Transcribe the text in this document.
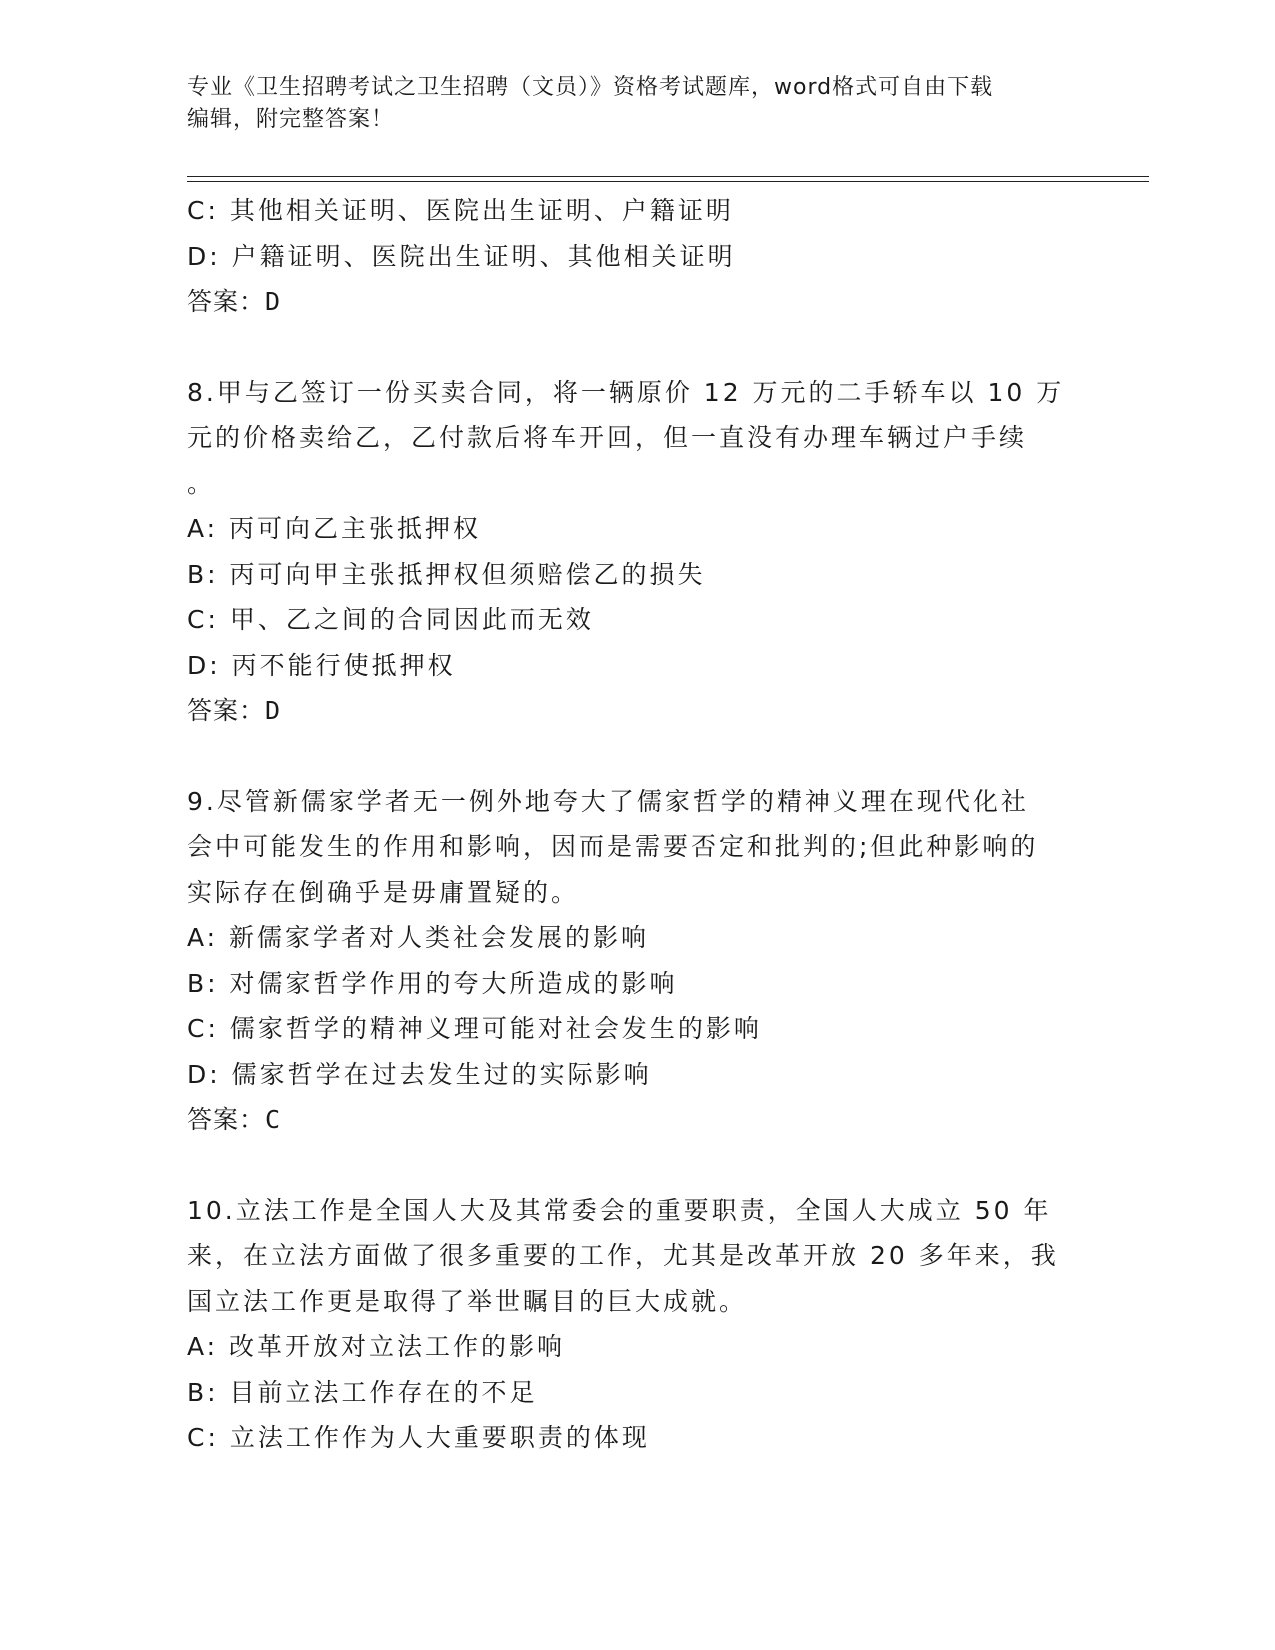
专业《卫生招聘考试之卫生招聘（文员）》资格考试题库，word格式可自由下载
编辑，附完整答案！
C: 其他相关证明、医院出生证明、户籍证明
D: 户籍证明、医院出生证明、其他相关证明
答案：D
8.甲与乙签订一份买卖合同，将一辆原价 12 万元的二手轿车以 10 万
元的价格卖给乙，乙付款后将车开回，但一直没有办理车辆过户手续
。
A: 丙可向乙主张抵押权
B: 丙可向甲主张抵押权但须赔偿乙的损失
C: 甲、乙之间的合同因此而无效
D: 丙不能行使抵押权
答案：D
9.尽管新儒家学者无一例外地夸大了儒家哲学的精神义理在现代化社
会中可能发生的作用和影响，因而是需要否定和批判的;但此种影响的
实际存在倒确乎是毋庸置疑的。
A: 新儒家学者对人类社会发展的影响
B: 对儒家哲学作用的夸大所造成的影响
C: 儒家哲学的精神义理可能对社会发生的影响
D: 儒家哲学在过去发生过的实际影响
答案：C
10.立法工作是全国人大及其常委会的重要职责，全国人大成立 50 年
来，在立法方面做了很多重要的工作，尤其是改革开放 20 多年来，我
国立法工作更是取得了举世瞩目的巨大成就。
A: 改革开放对立法工作的影响
B: 目前立法工作存在的不足
C: 立法工作作为人大重要职责的体现
